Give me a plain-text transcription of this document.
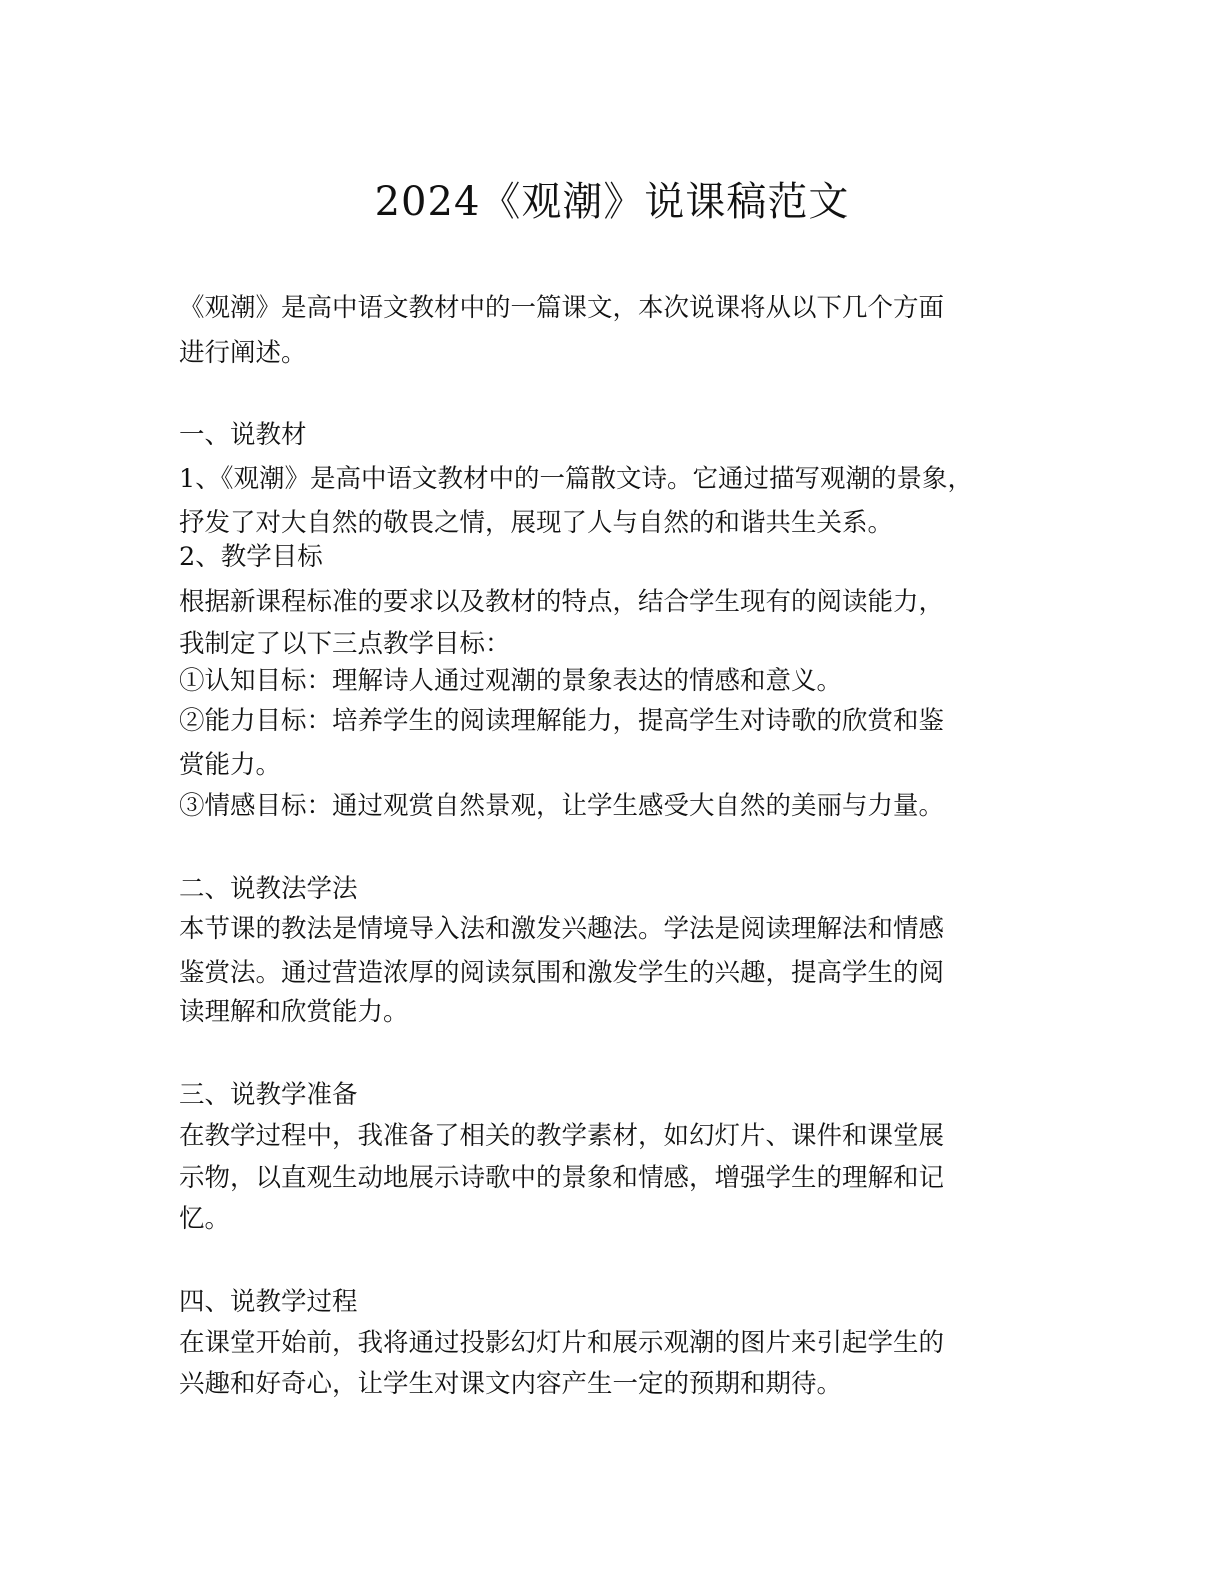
2024《观潮》说课稿范文

《观潮》是高中语文教材中的一篇课文，本次说课将从以下几个方面

进行阐述。

一、说教材

1、《观潮》是高中语文教材中的一篇散文诗。它通过描写观潮的景象，

抒发了对大自然的敬畏之情，展现了人与自然的和谐共生关系。

2、教学目标

根据新课程标准的要求以及教材的特点，结合学生现有的阅读能力，

我制定了以下三点教学目标：

①认知目标：理解诗人通过观潮的景象表达的情感和意义。

②能力目标：培养学生的阅读理解能力，提高学生对诗歌的欣赏和鉴

赏能力。

③情感目标：通过观赏自然景观，让学生感受大自然的美丽与力量。

二、说教法学法

本节课的教法是情境导入法和激发兴趣法。学法是阅读理解法和情感

鉴赏法。通过营造浓厚的阅读氛围和激发学生的兴趣，提高学生的阅

读理解和欣赏能力。

三、说教学准备

在教学过程中，我准备了相关的教学素材，如幻灯片、课件和课堂展

示物，以直观生动地展示诗歌中的景象和情感，增强学生的理解和记

忆。

四、说教学过程

在课堂开始前，我将通过投影幻灯片和展示观潮的图片来引起学生的

兴趣和好奇心，让学生对课文内容产生一定的预期和期待。
